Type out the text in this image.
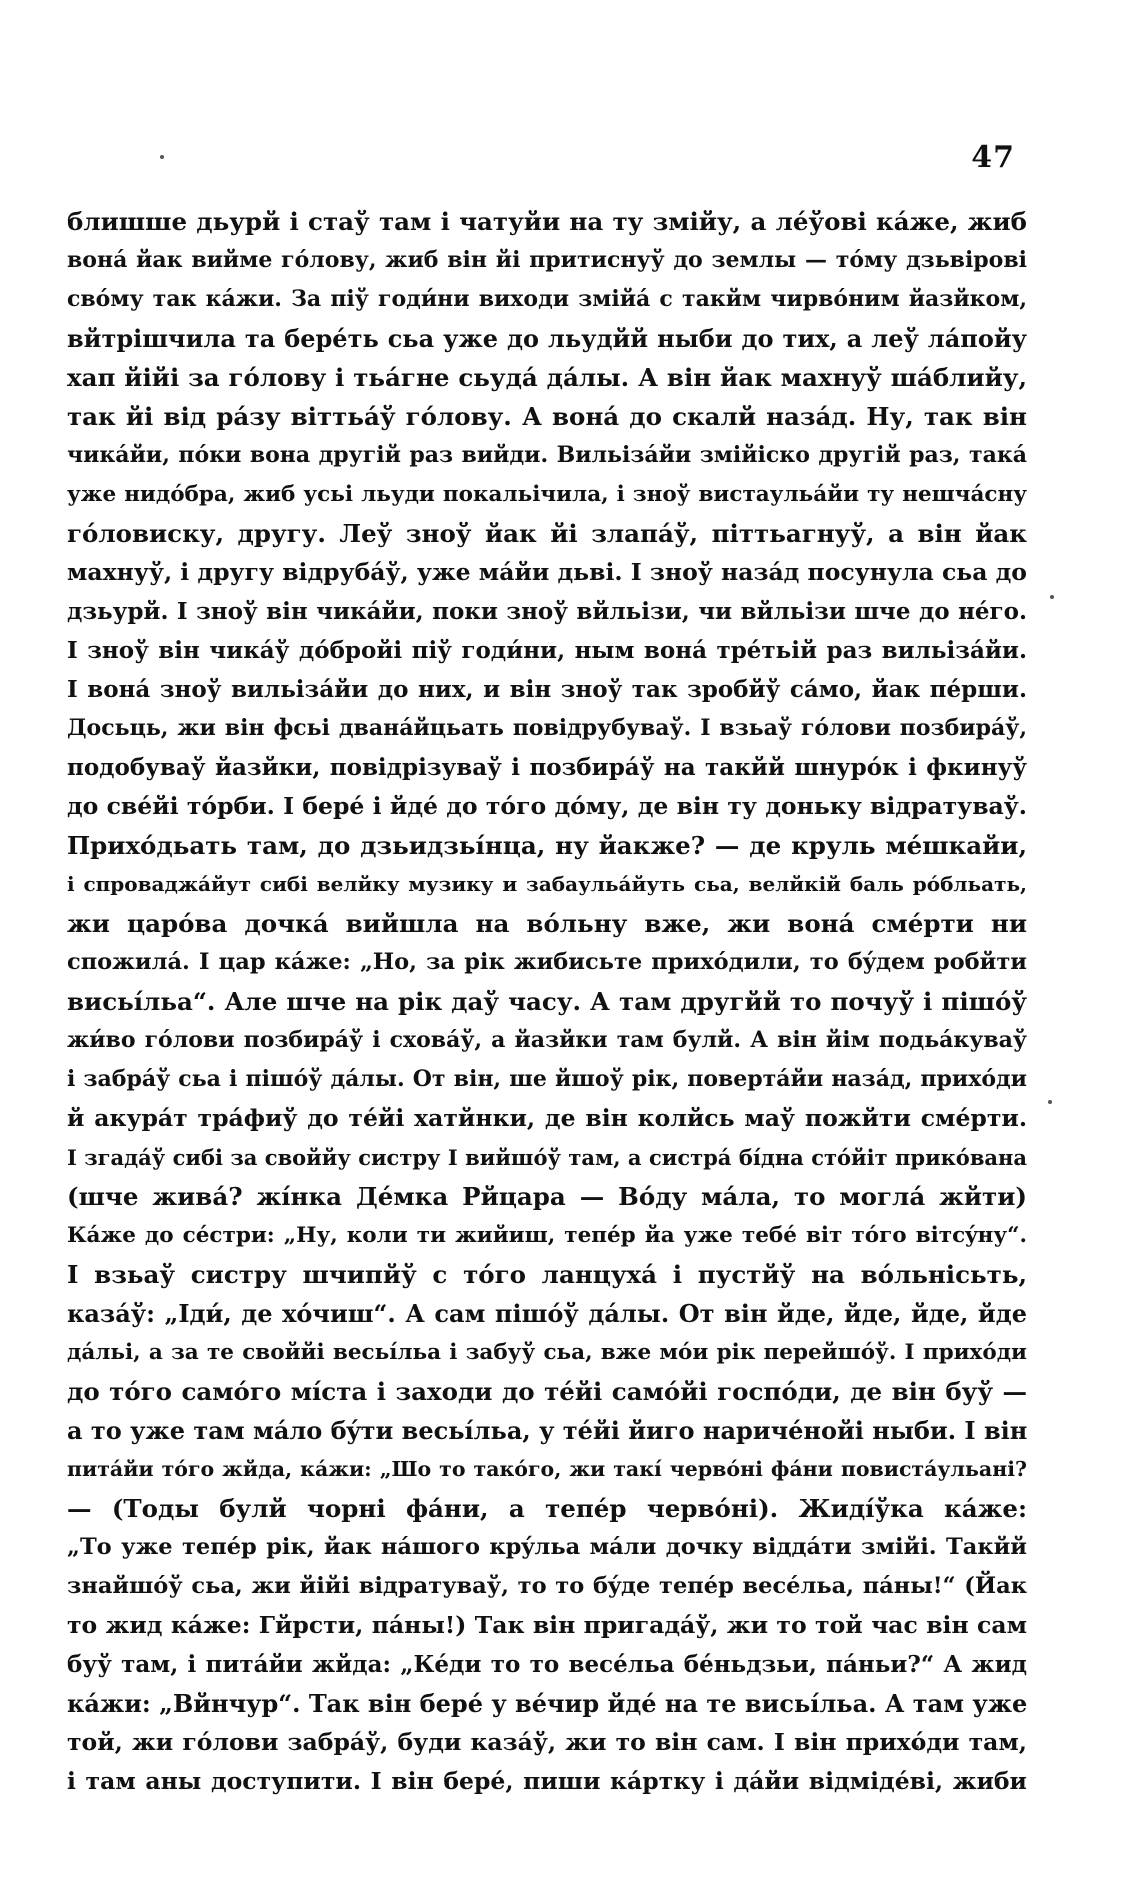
47
блишше дьурй і стаў там і чатуйи на ту змійу, а лéўові кáже, жиб
вонá йак вийме гóлову, жиб він йі притиснуў до землы — тóму дзьвірові
свóму так кáжи. За піў годи́ни виходи змійá с такйм чирвóним йазйком,
вйтрішчила та берéть сьа уже до льудйй ныби до тих, а леў лáпойу
хап йійі за гóлову і тьáгне сьудá дáлы. А він йак махнуў шáблийу,
так йі від рáзу віттьáў гóлову. А вонá до скалй назáд. Ну, так він
чикáйи, пóки вона другій раз вийди. Вильізáйи змійіско другій раз, такá
уже нидóбра, жиб усьі льуди покальічила, і зноў вистаульáйи ту нешчáсну
гóловиску, другу. Леў зноў йак йі злапáў, піттьагнуў, а він йак
махнуў, і другу відрубáў, уже мáйи дьві. І зноў назáд посунула сьа до
дзьурй. І зноў він чикáйи, поки зноў вйльізи, чи вйльізи шче до нéго.
І зноў він чикáў дóбройі піў годи́ни, ным вонá трéтьій раз вильізáйи.
І вонá зноў вильізáйи до них, и він зноў так зробйў сáмо, йак пéрши.
Досьць, жи він фсьі дванáйцьать повідрубуваў. І взьаў гóлови позбирáў,
подобуваў йазйки, повідрізуваў і позбирáў на такйй шнурóк і фкинуў
до свéйі тóрби. І берé і йдé до тóго дóму, де він ту доньку відратуваў.
Прихóдьать там, до дзьидзьíнца, ну йакже? — де круль мéшкайи,
і спроваджáйут сибі велйку музику и забаульáйуть сьа, велйкій баль рóбльать,
жи царóва дочкá вийшла на вóльну вже, жи вонá смéрти ни
спожилá. І цар кáже: „Но, за рік жибисьте прихóдили, то бýдем робйти
висьíльа“. Але шче на рік даў часу. А там другйй то почуў і пішóў
жи́во гóлови позбирáў і сховáў, а йазйки там булй. А він йім подьáкуваў
і забрáў сьа і пішóў дáлы. От він, ше йшоў рік, повертáйи назáд, прихóди
й акурáт трáфиў до тéйі хатйнки, де він колйсь маў пожйти смéрти.
І згадáў сибі за своййу систру І вийшóў там, а систрá бíдна стóйіт прикóвана
(шче живá? жíнка Дéмка Рйцара — Вóду мáла, то моглá жйти)
Кáже до сéстри: „Ну, коли ти жийиш, тепéр йа уже тебé віт тóго вітсýну“.
І взьаў систру шчипйў с тóго ланцухá і пустйў на вóльнісьть,
казáў: „Іди́, де хóчиш“. А сам пішóў дáлы. От він йде, йде, йде, йде
дáльі, а за те своййі весьíльа і забуў сьа, вже мóи рік перейшóў. І прихóди
до тóго самóго мíста і заходи до тéйі самóйі госпóди, де він буў —
а то уже там мáло бýти весьíльа, у тéйі йиго наричéнойі ныби. І він
питáйи тóго жйда, кáжи: „Шо то такóго, жи такí червóні фáни повистáульані?
— (Тоды булй чорні фáни, а тепéр червóні). Жидíўка кáже:
„То уже тепéр рік, йак нáшого крýльа мáли дочку віддáти змійі. Такйй
знайшóў сьа, жи йійі відратуваў, то то бýде тепéр весéльа, пáны!“ (Йак
то жид кáже: Гйрсти, пáны!) Так він пригадáў, жи то той час він сам
буў там, і питáйи жйда: „Кéди то то весéльа бéньдзьи, пáньи?“ А жид
кáжи: „Вйнчур“. Так він берé у вéчир йдé на те висьíльа. А там уже
той, жи гóлови забрáў, буди казáў, жи то він сам. І він прихóди там,
і там аны доступити. І він берé, пиши кáртку і дáйи відмідéві, жиби
